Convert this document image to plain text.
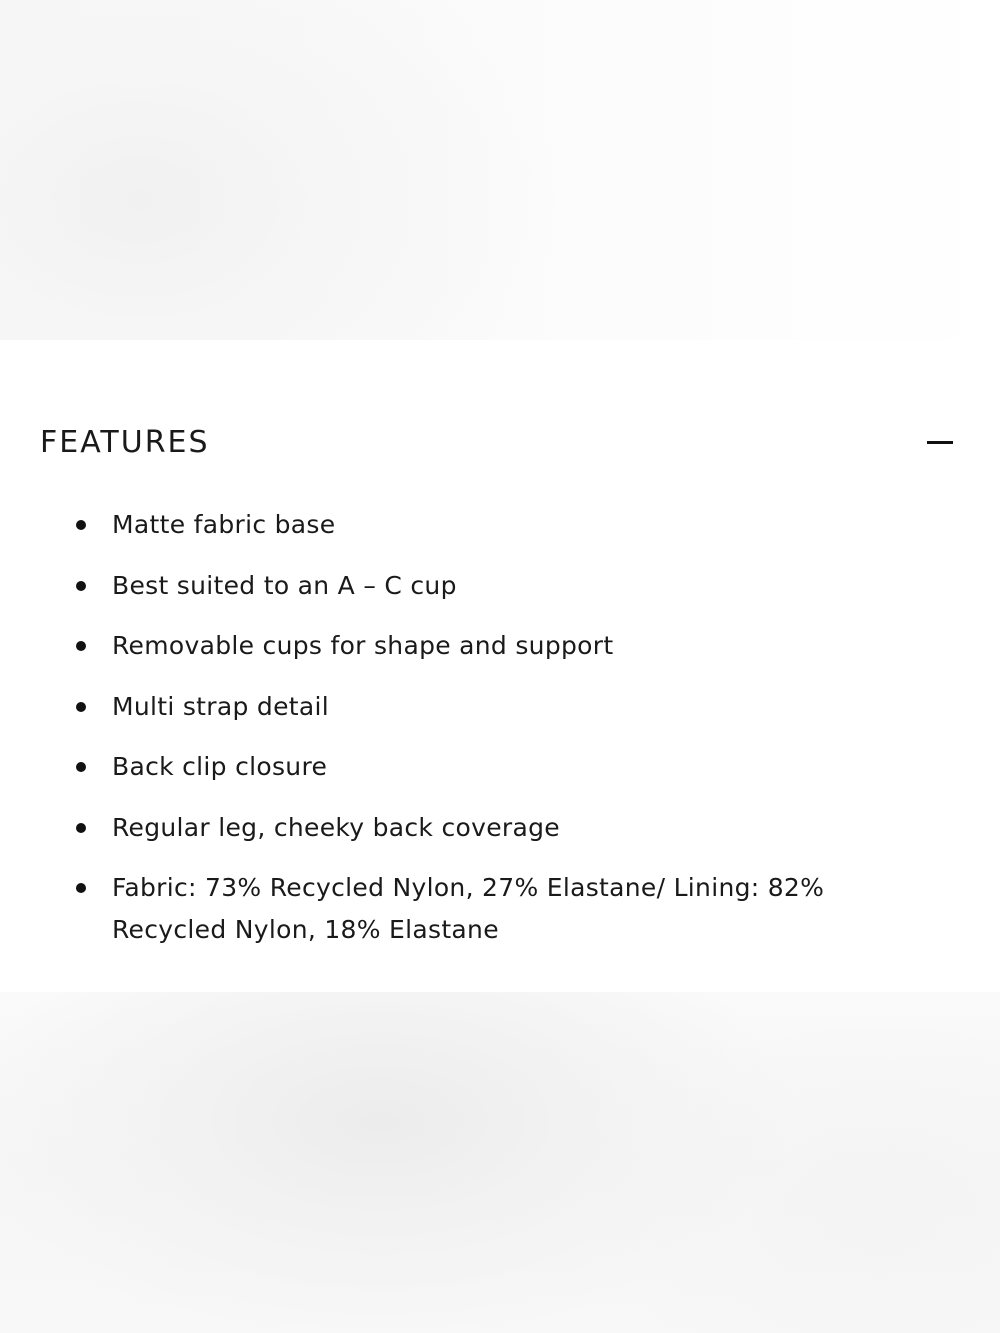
FEATURES
Matte fabric base
Best suited to an A – C cup
Removable cups for shape and support
Multi strap detail
Back clip closure
Regular leg, cheeky back coverage
Fabric: 73% Recycled Nylon, 27% Elastane/ Lining: 82% Recycled Nylon, 18% Elastane
